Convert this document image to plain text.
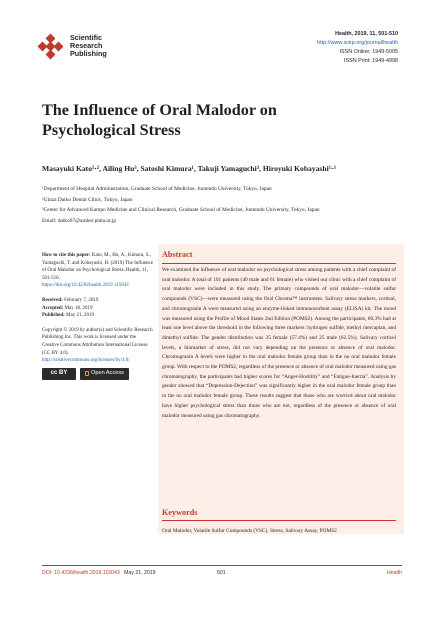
Scientific
Research
Publishing
Health, 2019, 11, 501-510
http://www.scirp.org/journal/health
ISSN Online: 1949-5005
ISSN Print: 1949-4998
The Influence of Oral Malodor on
Psychological Stress
Masayuki Kato¹·², Ailing Hu³, Satoshi Kimura¹, Takuji Yamaguchi³, Hiroyuki Kobayashi¹·³
¹Department of Hospital Administration, Graduate School of Medicine, Juntendo University, Tokyo, Japan
²Ginza Daiko Dental Clinic, Tokyo, Japan
³Center for Advanced Kampo Medicine and Clinical Research, Graduate School of Medicine, Juntendo University, Tokyo, Japan
Email: daiko67@amber.plala.or.jp
How to cite this paper: Kato, M., Hu, A., Kimura, S., Yamaguchi, T. and Kobayashi, H. (2019) The Influence of Oral Malodor on Psychological Stress. Health, 11, 501-510.
https://doi.org/10.4236/health.2019.115043
Received: February 7, 2019
Accepted: May 18, 2019
Published: May 21, 2019
Copyright © 2019 by author(s) and Scientific Research Publishing Inc. This work is licensed under the Creative Commons Attribution International License (CC BY 4.0).
http://creativecommons.org/licenses/by/4.0/
cc BY	Open Access
Abstract
We examined the influence of oral malodor on psychological stress among patients with a chief complaint of oral malodor. A total of 101 patients (40 male and 61 female) who visited our clinic with a chief complaint of oral malodor were included in this study. The primary compounds of oral malodor—volatile sulfur compounds (VSC)—were measured using the Oral Chroma™ instrument. Salivary stress markers, cortisol, and chromogranin A were measured using an enzyme-linked immunosorbent assay (ELISA) kit. The mood was measured using the Profile of Mood States 2nd Edition (POMS2). Among the participants, 60.3% had at least one level above the threshold in the following three markers: hydrogen sulfide, methyl mercaptan, and dimethyl sulfide. The gender distribution was 35 female (57.4%) and 25 male (62.5%). Salivary cortisol levels, a biomarker of stress, did not vary depending on the presence or absence of oral malodor. Chromogranin A levels were higher in the oral malodor female group than in the no oral malodor female group. With respect to the POMS2, regardless of the presence or absence of oral malodor measured using gas chromatography, the participants had higher scores for “Anger-Hostility” and “Fatigue-Inertia”. Analysis by gender showed that “Depression-Dejection” was significantly higher in the oral malodor female group than in the no oral malodor female group. These results suggest that those who are worried about oral malodor have higher psychological stress than those who are not, regardless of the presence or absence of oral malodor measured using gas chromatography.
Keywords
Oral Malodor, Volatile Sulfur Compounds (VSC), Stress, Salivary Assay, POMS2
DOI: 10.4236/health.2019.115043 May 21, 2019	501	Health
